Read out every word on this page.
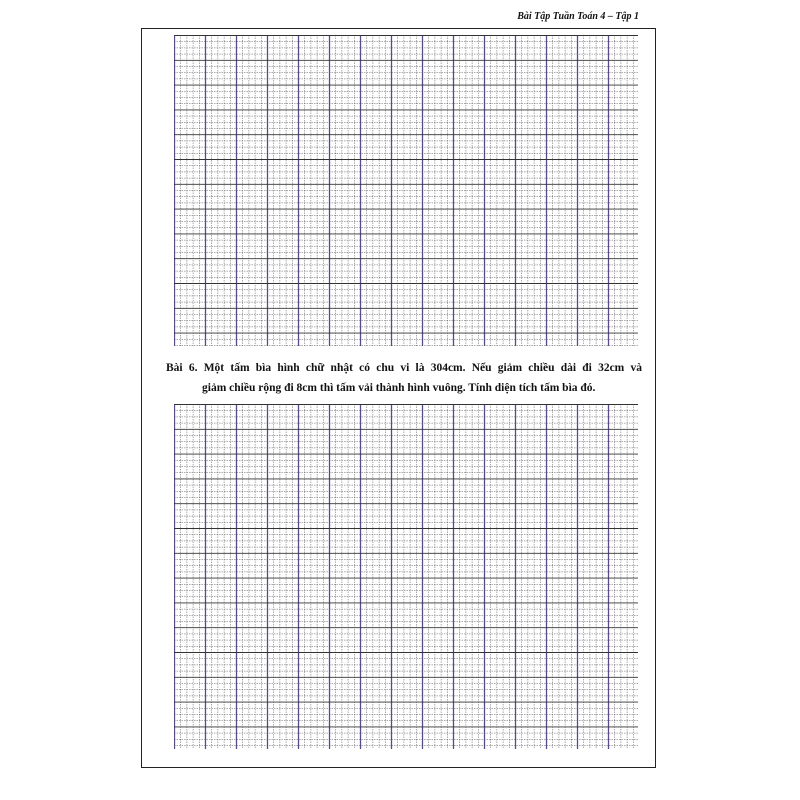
Bài Tập Tuần Toán 4 – Tập 1
Bài 6. Một tấm bìa hình chữ nhật có chu vi là 304cm. Nếu giảm chiều dài đi 32cm và
giảm chiều rộng đi 8cm thì tấm vải thành hình vuông. Tính diện tích tấm bìa đó.
